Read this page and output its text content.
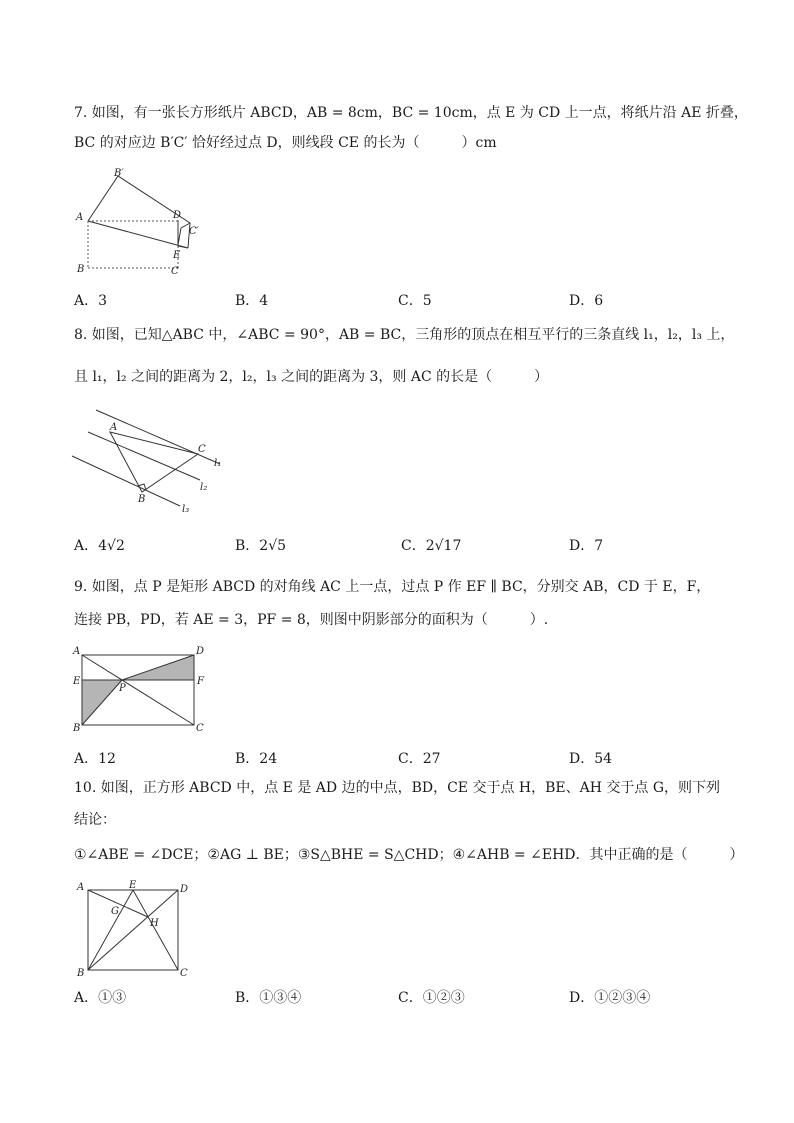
7. 如图，有一张长方形纸片 ABCD，AB = 8cm，BC = 10cm，点 E 为 CD 上一点，将纸片沿 AE 折叠，
BC 的对应边 B′C′ 恰好经过点 D，则线段 CE 的长为（　　　）cm
B′
A	D
C′
E
B	C
A．3	B．4	C．5	D．6
8. 如图，已知△ABC 中，∠ABC = 90°，AB = BC，三角形的顶点在相互平行的三条直线 l₁，l₂，l₃ 上，
且 l₁，l₂ 之间的距离为 2，l₂，l₃ 之间的距离为 3，则 AC 的长是（　　　）
A
C
l₁
l₂
B
l₃
A．4√2	B．2√5	C．2√17	D．7
9. 如图，点 P 是矩形 ABCD 的对角线 AC 上一点，过点 P 作 EF ∥ BC，分别交 AB，CD 于 E，F，
连接 PB，PD，若 AE = 3，PF = 8，则图中阴影部分的面积为（　　　）.
A	D
E
P
F
B	C
A．12	B．24	C．27	D．54
10. 如图，正方形 ABCD 中，点 E 是 AD 边的中点，BD，CE 交于点 H，BE、AH 交于点 G，则下列
结论：
①∠ABE = ∠DCE；②AG ⊥ BE；③S△BHE = S△CHD；④∠AHB = ∠EHD．其中正确的是（　　　）
A	E	D
G
H
B	C
A．①③	B．①③④	C．①②③	D．①②③④
